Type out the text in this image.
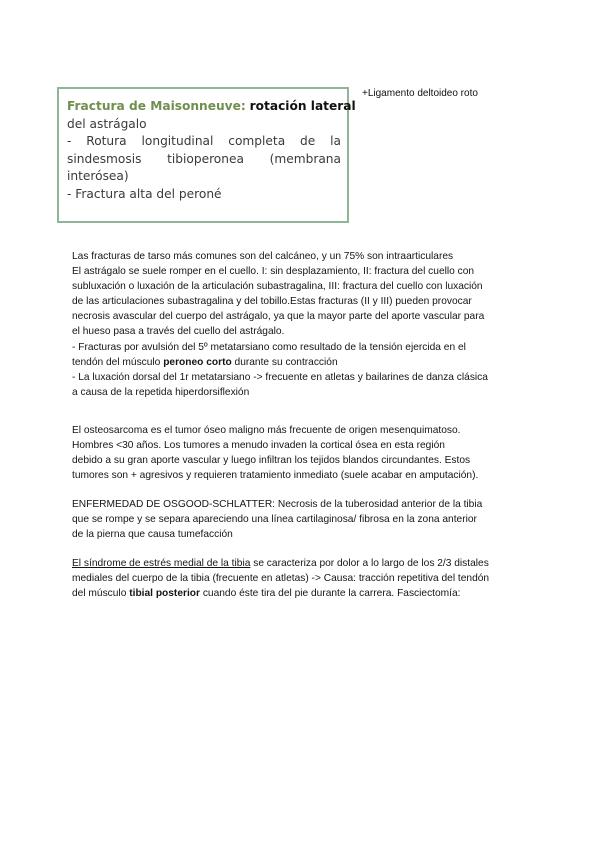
Fractura de Maisonneuve: rotación lateral
del astrágalo
- Rotura longitudinal completa de la
sindesmosis tibioperonea (membrana
interósea)
- Fractura alta del peroné
+Ligamento deltoideo roto
Las fracturas de tarso más comunes son del calcáneo, y un 75% son intraarticulares
El astrágalo se suele romper en el cuello. I: sin desplazamiento, II: fractura del cuello con
subluxación o luxación de la articulación subastragalina, III: fractura del cuello con luxación
de las articulaciones subastragalina y del tobillo.Estas fracturas (II y III) pueden provocar
necrosis avascular del cuerpo del astrágalo, ya que la mayor parte del aporte vascular para
el hueso pasa a través del cuello del astrágalo.
- Fracturas por avulsión del 5º metatarsiano como resultado de la tensión ejercida en el
tendón del músculo peroneo corto durante su contracción
- La luxación dorsal del 1r metatarsiano -> frecuente en atletas y bailarines de danza clásica
a causa de la repetida hiperdorsiflexión
El osteosarcoma es el tumor óseo maligno más frecuente de origen mesenquimatoso.
Hombres <30 años. Los tumores a menudo invaden la cortical ósea en esta región
debido a su gran aporte vascular y luego infiltran los tejidos blandos circundantes. Estos
tumores son + agresivos y requieren tratamiento inmediato (suele acabar en amputación).
ENFERMEDAD DE OSGOOD-SCHLATTER: Necrosis de la tuberosidad anterior de la tibia
que se rompe y se separa apareciendo una línea cartilaginosa/ fibrosa en la zona anterior
de la pierna que causa tumefacción
El síndrome de estrés medial de la tibia se caracteriza por dolor a lo largo de los 2/3 distales
mediales del cuerpo de la tibia (frecuente en atletas) -> Causa: tracción repetitiva del tendón
del músculo tibial posterior cuando éste tira del pie durante la carrera. Fasciectomía:
